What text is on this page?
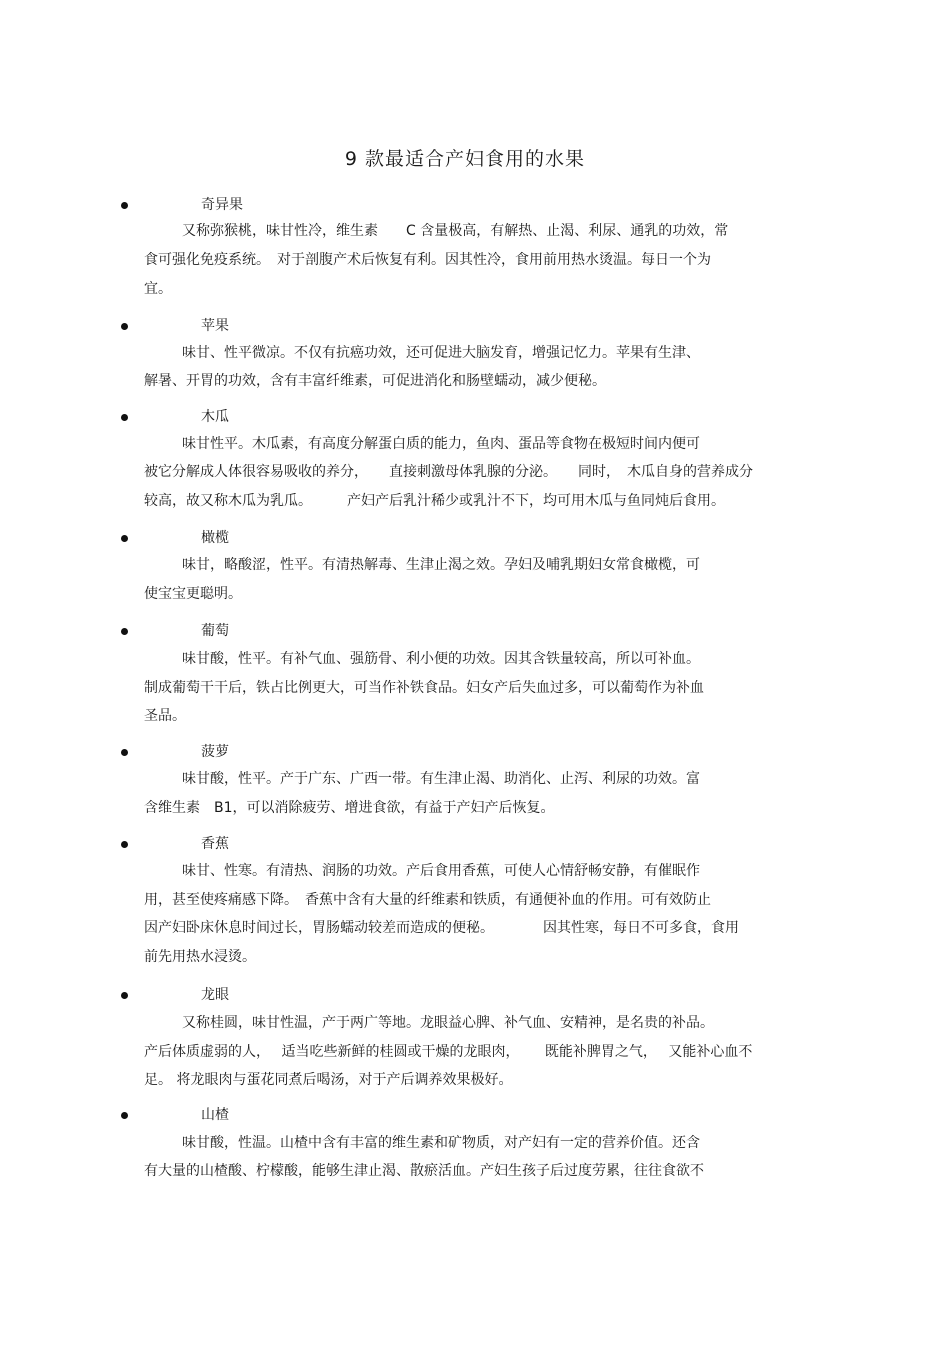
9 款最适合产妇食用的水果
奇异果
又称弥猴桃，味甘性冷，维生素　　C 含量极高，有解热、止渴、利尿、通乳的功效，常
食可强化免疫系统。　对于剖腹产术后恢复有利。因其性冷，食用前用热水烫温。每日一个为
宜。
苹果
味甘、性平微凉。不仅有抗癌功效，还可促进大脑发育，增强记忆力。苹果有生津、
解暑、开胃的功效，含有丰富纤维素，可促进消化和肠壁蠕动，减少便秘。
木瓜
味甘性平。木瓜素，有高度分解蛋白质的能力，鱼肉、蛋品等食物在极短时间内便可
被它分解成人体很容易吸收的养分，　　直接刺激母体乳腺的分泌。　　同时，　木瓜自身的营养成分
较高，故又称木瓜为乳瓜。　　　产妇产后乳汁稀少或乳汁不下，均可用木瓜与鱼同炖后食用。
橄榄
味甘，略酸涩，性平。有清热解毒、生津止渴之效。孕妇及哺乳期妇女常食橄榄，可
使宝宝更聪明。
葡萄
味甘酸，性平。有补气血、强筋骨、利小便的功效。因其含铁量较高，所以可补血。
制成葡萄干干后，铁占比例更大，可当作补铁食品。妇女产后失血过多，可以葡萄作为补血
圣品。
菠萝
味甘酸，性平。产于广东、广西一带。有生津止渴、助消化、止泻、利尿的功效。富
含维生素　B1，可以消除疲劳、增进食欲，有益于产妇产后恢复。
香蕉
味甘、性寒。有清热、润肠的功效。产后食用香蕉，可使人心情舒畅安静，有催眠作
用，甚至使疼痛感下降。　香蕉中含有大量的纤维素和铁质，有通便补血的作用。可有效防止
因产妇卧床休息时间过长，胃肠蠕动较差而造成的便秘。　　　　因其性寒，每日不可多食，食用
前先用热水浸烫。
龙眼
又称桂圆，味甘性温，产于两广等地。龙眼益心脾、补气血、安精神，是名贵的补品。
产后体质虚弱的人，　 适当吃些新鲜的桂圆或干燥的龙眼肉，　　 既能补脾胃之气，　 又能补心血不
足。 将龙眼肉与蛋花同煮后喝汤，对于产后调养效果极好。
山楂
味甘酸，性温。山楂中含有丰富的维生素和矿物质，对产妇有一定的营养价值。还含
有大量的山楂酸、柠檬酸，能够生津止渴、散瘀活血。产妇生孩子后过度劳累，往往食欲不
